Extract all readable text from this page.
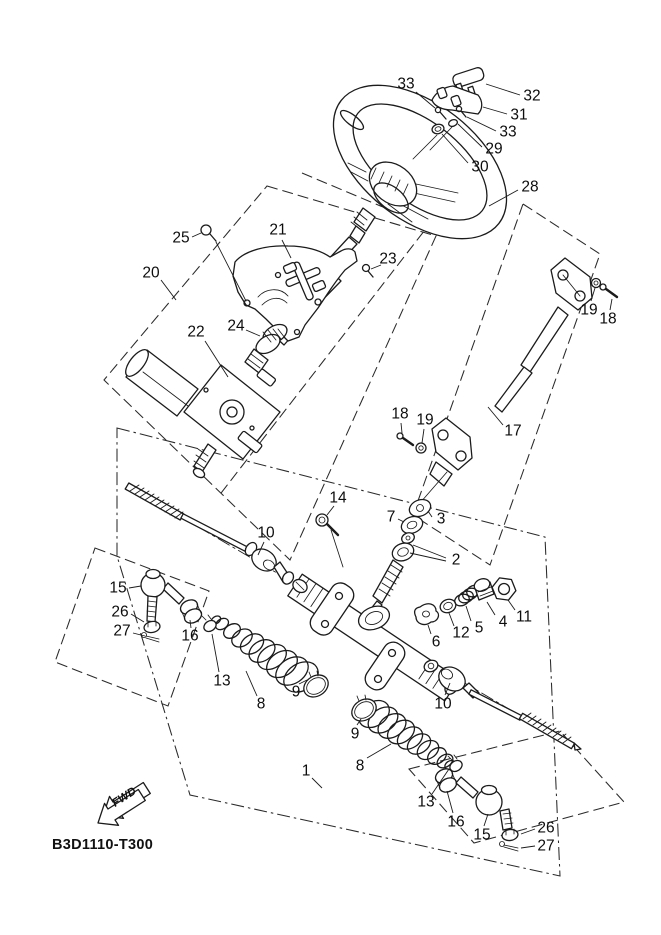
FWD
B3D1110-T300
33
32
31
33
29
30
28
25	21
23
20
19
18
22 24
18 19
17
14
7	3
10
2
15
26
27	16
13
11
4
5
12
6
8
9
10
9
8
1
13
16
15	26
27
